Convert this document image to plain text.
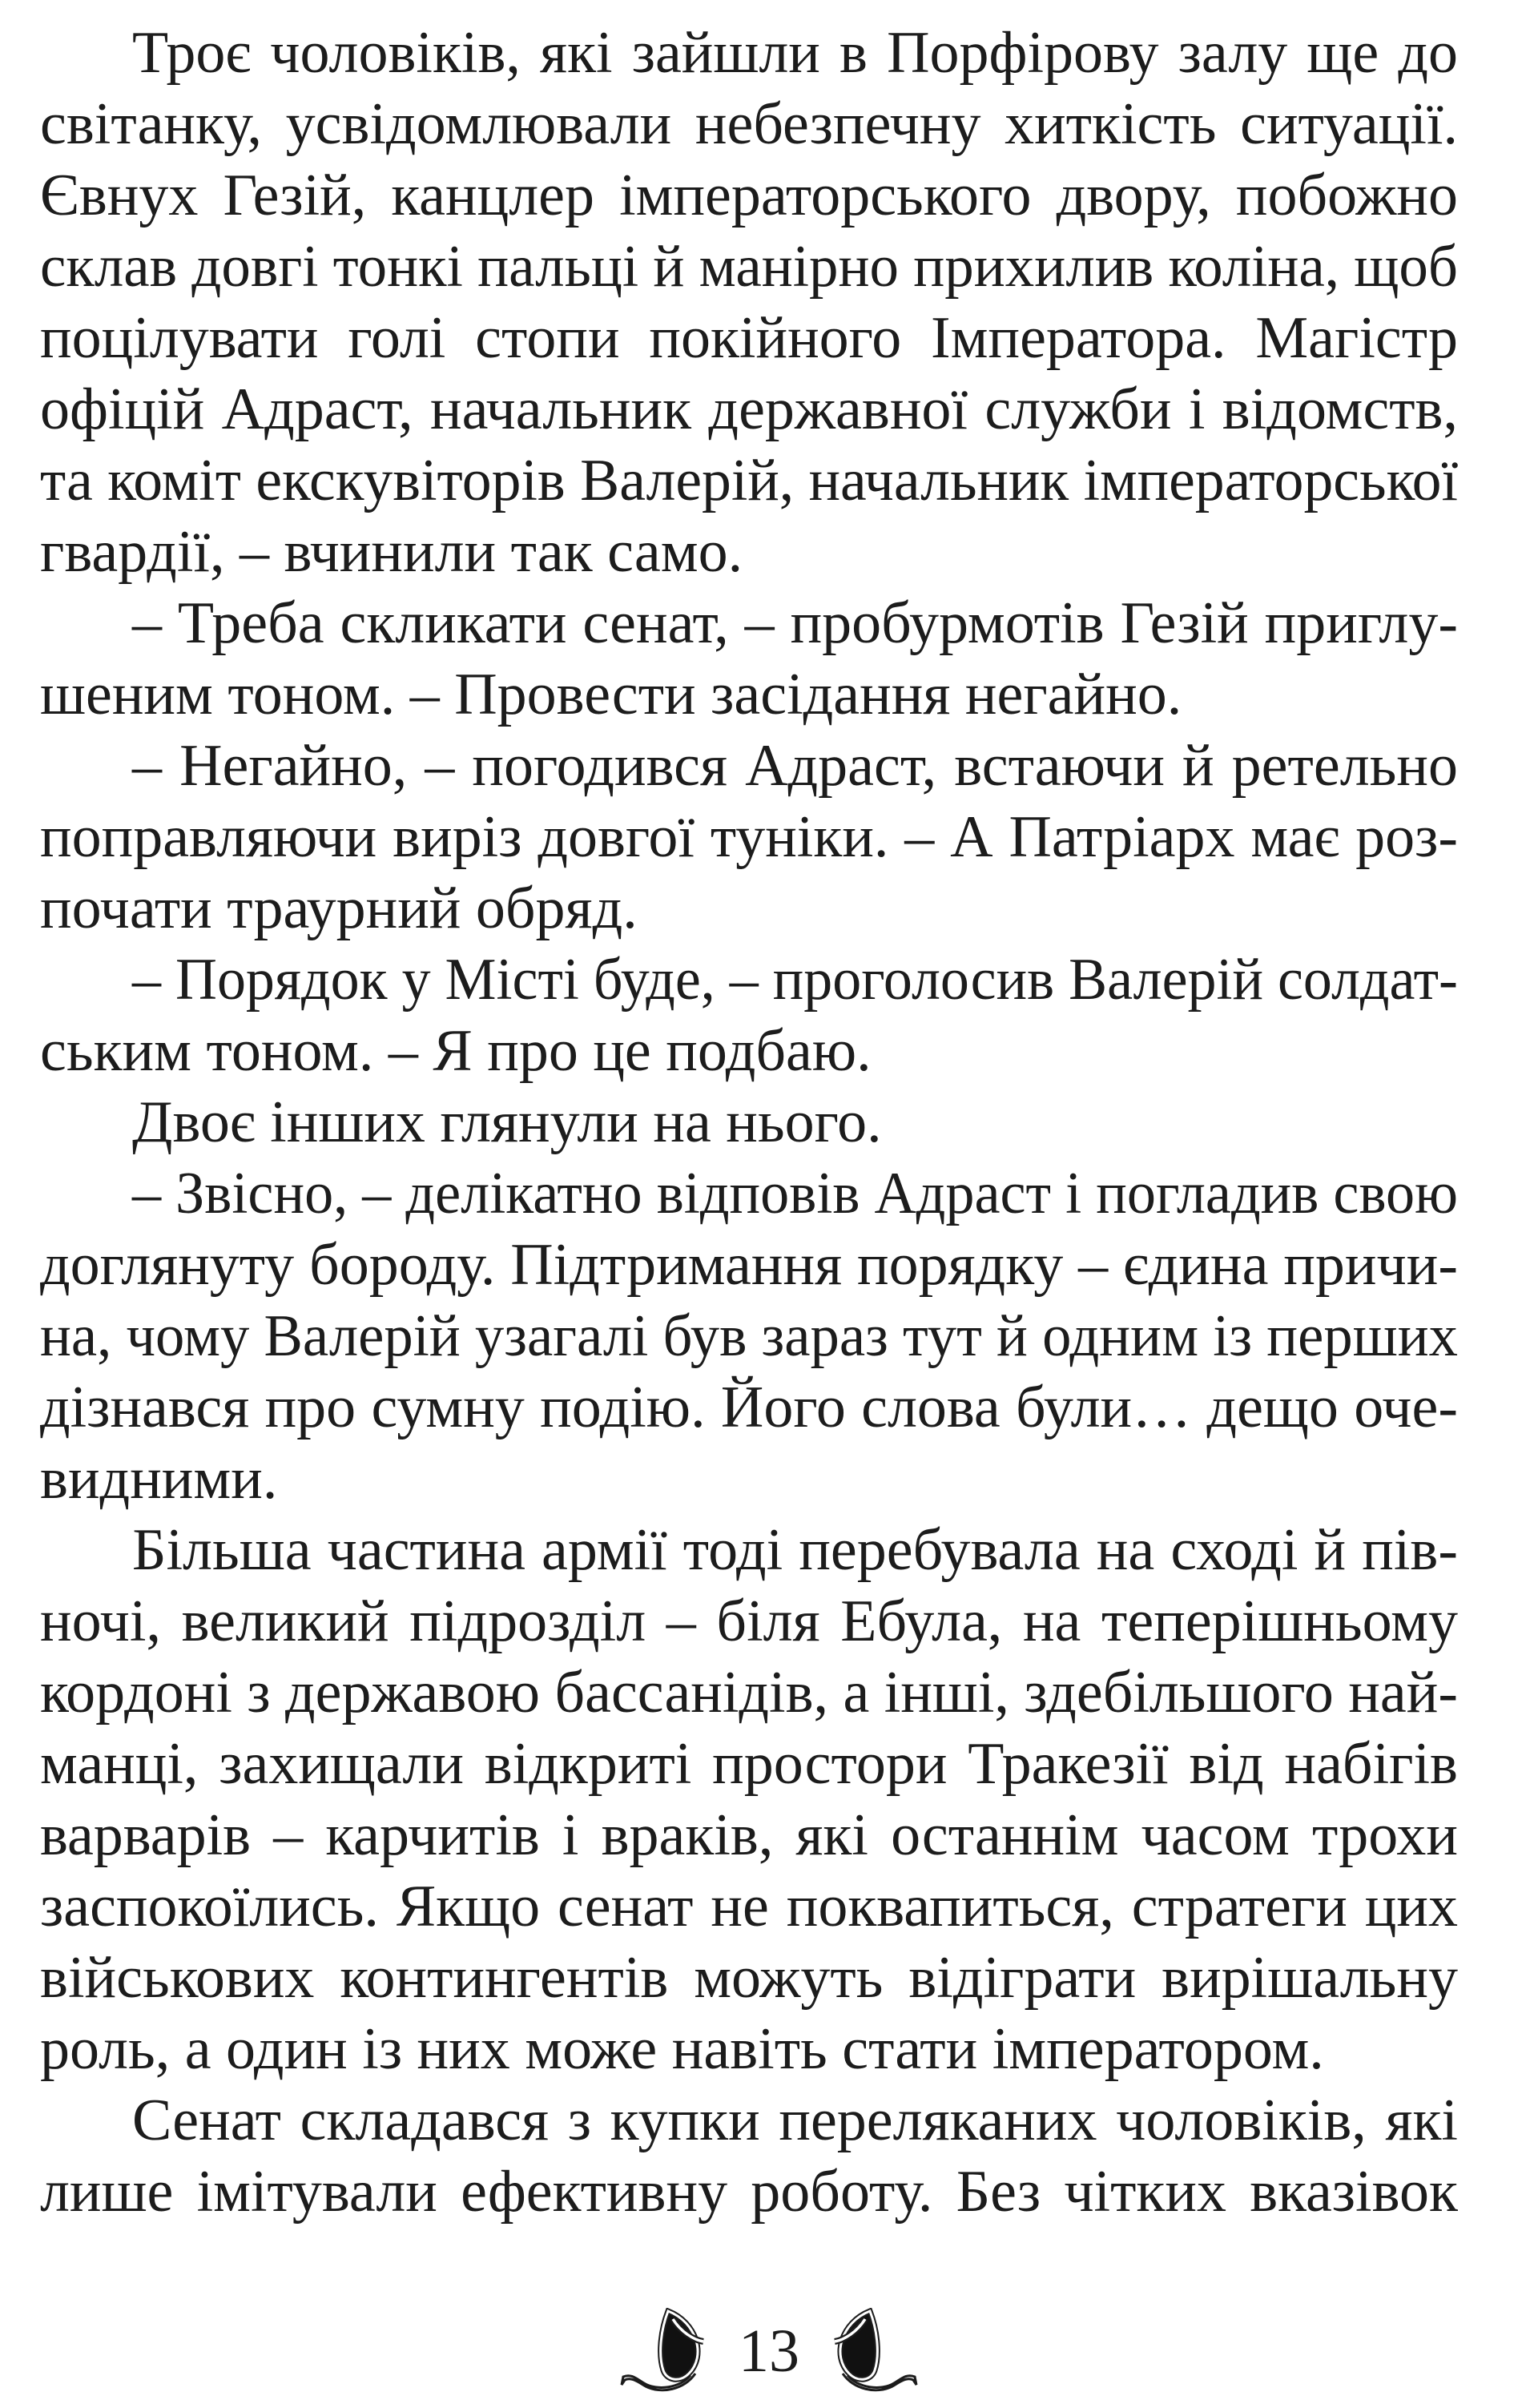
Троє чоловіків, які зайшли в Порфірову залу ще до
світанку, усвідомлювали небезпечну хиткість ситуації.
Євнух Гезій, канцлер імператорського двору, побожно
склав довгі тонкі пальці й манірно прихилив коліна, щоб
поцілувати голі стопи покійного Імператора. Магістр
офіцій Адраст, начальник державної служби і відомств,
та коміт екскувіторів Валерій, начальник імператорської
гвардії, – вчинили так само.
– Треба скликати сенат, – пробурмотів Гезій приглу-
шеним тоном. – Провести засідання негайно.
– Негайно, – погодився Адраст, встаючи й ретельно
поправляючи виріз довгої туніки. – А Патріарх має роз-
почати траурний обряд.
– Порядок у Місті буде, – проголосив Валерій солдат-
ським тоном. – Я про це подбаю.
Двоє інших глянули на нього.
– Звісно, – делікатно відповів Адраст і погладив свою
доглянуту бороду. Підтримання порядку – єдина причи-
на, чому Валерій узагалі був зараз тут й одним із перших
дізнався про сумну подію. Його слова були… дещо оче-
видними.
Більша частина армії тоді перебувала на сході й пів-
ночі, великий підрозділ – біля Ебула, на теперішньому
кордоні з державою бассанідів, а інші, здебільшого най-
манці, захищали відкриті простори Тракезії від набігів
варварів – карчитів і враків, які останнім часом трохи
заспокоїлись. Якщо сенат не поквапиться, стратеги цих
військових контингентів можуть відіграти вирішальну
роль, а один із них може навіть стати імператором.
Сенат складався з купки переляканих чоловіків, які
лише імітували ефективну роботу. Без чітких вказівок
13
